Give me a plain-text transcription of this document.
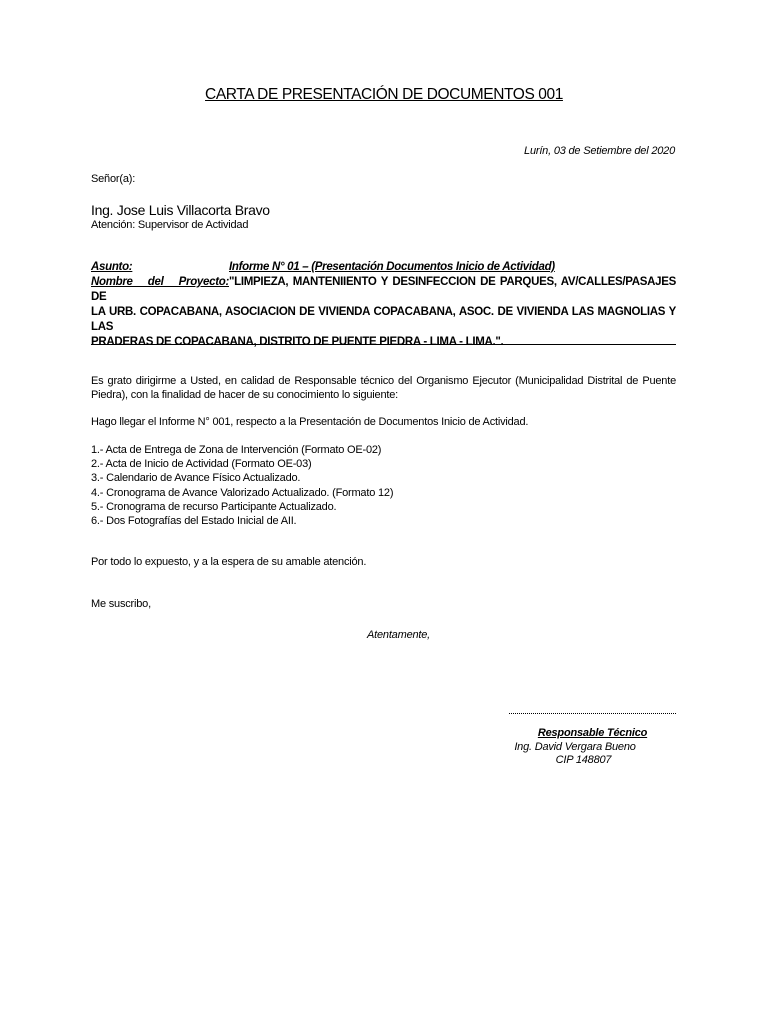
CARTA DE PRESENTACIÓN DE DOCUMENTOS 001

Lurín, 03 de Setiembre del 2020

Señor(a):

Ing. Jose Luis Villacorta Bravo

Atención: Supervisor de Actividad

Asunto:	Informe N° 01 – (Presentación Documentos Inicio de Actividad)
Nombre del Proyecto:"LIMPIEZA, MANTENIIENTO Y DESINFECCION DE PARQUES, AV/CALLES/PASAJES DE
LA URB. COPACABANA, ASOCIACION DE VIVIENDA COPACABANA, ASOC. DE VIVIENDA LAS MAGNOLIAS Y LAS
PRADERAS DE COPACABANA, DISTRITO DE PUENTE PIEDRA - LIMA - LIMA.".
Es grato dirigirme a Usted, en calidad de Responsable técnico del Organismo Ejecutor (Municipalidad Distrital de Puente
Piedra), con la finalidad de hacer de su conocimiento lo siguiente:

Hago llegar el Informe N° 001, respecto a la Presentación de Documentos Inicio de Actividad.

1.- Acta de Entrega de Zona de Intervención (Formato OE-02)
2.- Acta de Inicio de Actividad (Formato OE-03)
3.- Calendario de Avance Físico Actualizado.
4.- Cronograma de Avance Valorizado Actualizado. (Formato 12)
5.- Cronograma de recurso Participante Actualizado.
6.- Dos Fotografías del Estado Inicial de AII.

Por todo lo expuesto, y a la espera de su amable atención.

Me suscribo,

Atentamente,

Responsable Técnico

Ing. David Vergara Bueno

CIP 148807
